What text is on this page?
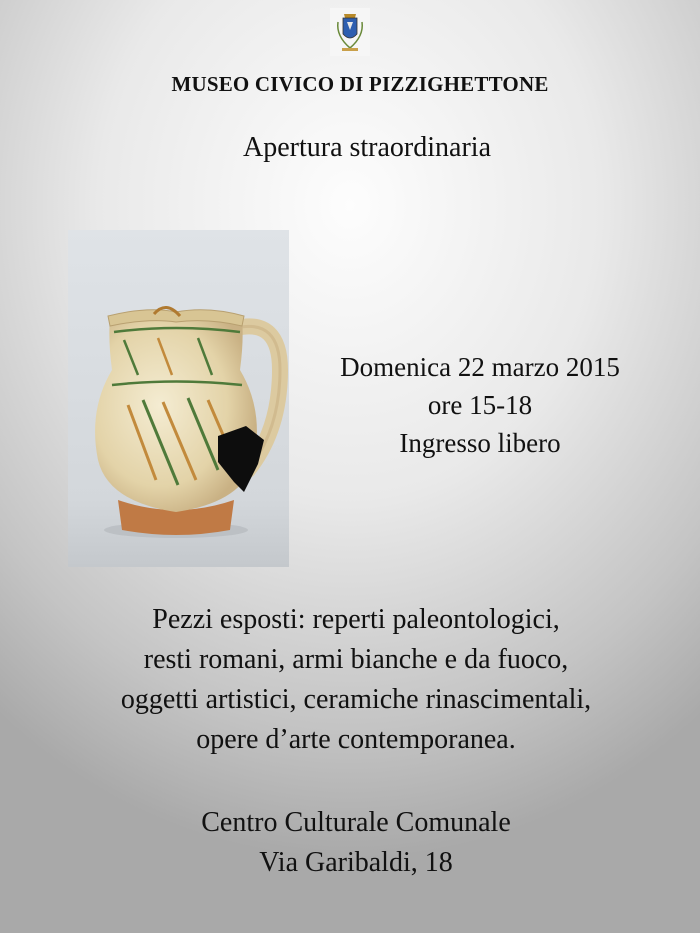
MUSEO CIVICO DI PIZZIGHETTONE
Apertura straordinaria
Domenica 22 marzo 2015
ore 15-18
Ingresso libero
Pezzi esposti: reperti paleontologici,
resti romani, armi bianche e da fuoco,
oggetti artistici, ceramiche rinascimentali,
opere d’arte contemporanea.
Centro Culturale Comunale
Via Garibaldi, 18
